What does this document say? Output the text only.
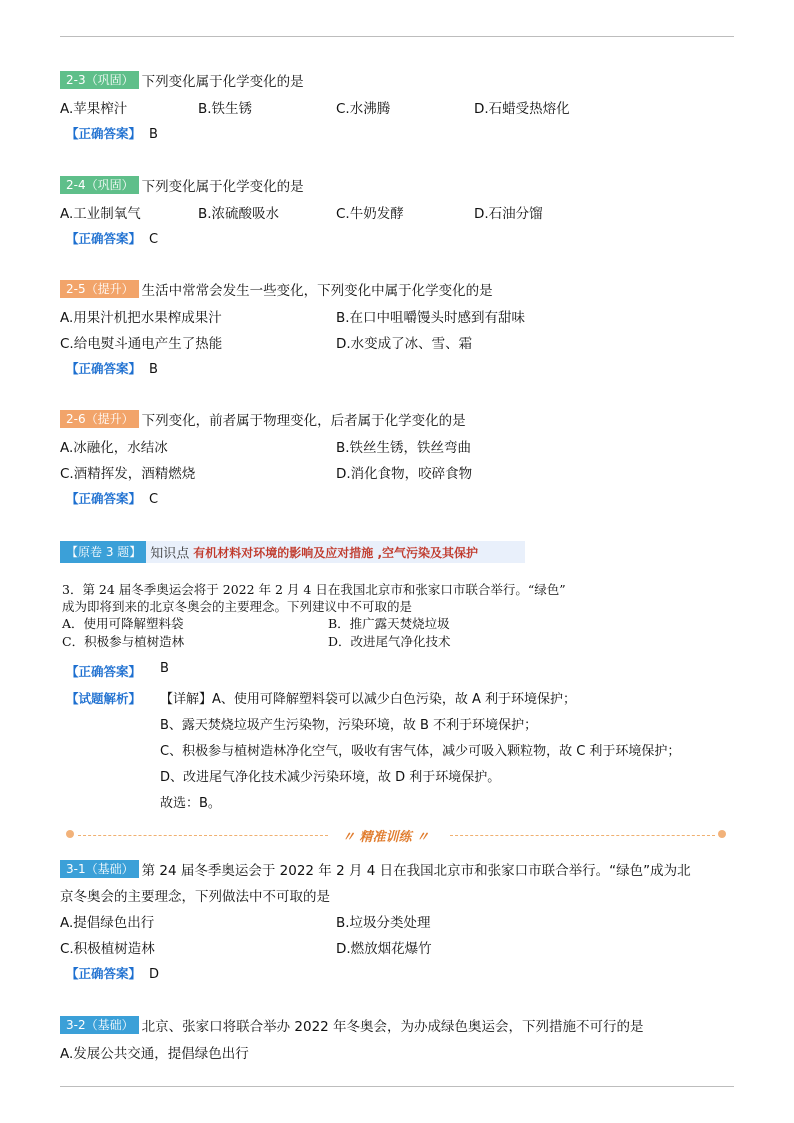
2-3（巩固） 下列变化属于化学变化的是
A.苹果榨汁	B.铁生锈	C.水沸腾	D.石蜡受热熔化
【正确答案】 B
2-4（巩固） 下列变化属于化学变化的是
A.工业制氧气	B.浓硫酸吸水	C.牛奶发酵	D.石油分馏
【正确答案】 C
2-5（提升） 生活中常常会发生一些变化，下列变化中属于化学变化的是
A.用果汁机把水果榨成果汁	B.在口中咀嚼馒头时感到有甜味
C.给电熨斗通电产生了热能	D.水变成了冰、雪、霜
【正确答案】 B
2-6（提升） 下列变化，前者属于物理变化，后者属于化学变化的是
A.冰融化，水结冰	B.铁丝生锈，铁丝弯曲
C.酒精挥发，酒精燃烧	D.消化食物，咬碎食物
【正确答案】 C
【原卷 3 题】 知识点 有机材料对环境的影响及应对措施 ,空气污染及其保护
3．第 24 届冬季奥运会将于 2022 年 2 月 4 日在我国北京市和张家口市联合举行。“绿色”
成为即将到来的北京冬奥会的主要理念。下列建议中不可取的是
A．使用可降解塑料袋	B．推广露天焚烧垃圾
C．积极参与植树造林	D．改进尾气净化技术
【正确答案】 B
【试题解析】 【详解】A、使用可降解塑料袋可以减少白色污染，故 A 利于环境保护；
B、露天焚烧垃圾产生污染物，污染环境，故 B 不利于环境保护；
C、积极参与植树造林净化空气，吸收有害气体，减少可吸入颗粒物，故 C 利于环境保护；
D、改进尾气净化技术减少污染环境，故 D 利于环境保护。
故选：B。
〃 精准训练 〃
3-1（基础） 第 24 届冬季奥运会于 2022 年 2 月 4 日在我国北京市和张家口市联合举行。“绿色”成为北
京冬奥会的主要理念，下列做法中不可取的是
A.提倡绿色出行	B.垃圾分类处理
C.积极植树造林	D.燃放烟花爆竹
【正确答案】 D
3-2（基础） 北京、张家口将联合举办 2022 年冬奥会，为办成绿色奥运会，下列措施不可行的是
A.发展公共交通，提倡绿色出行
